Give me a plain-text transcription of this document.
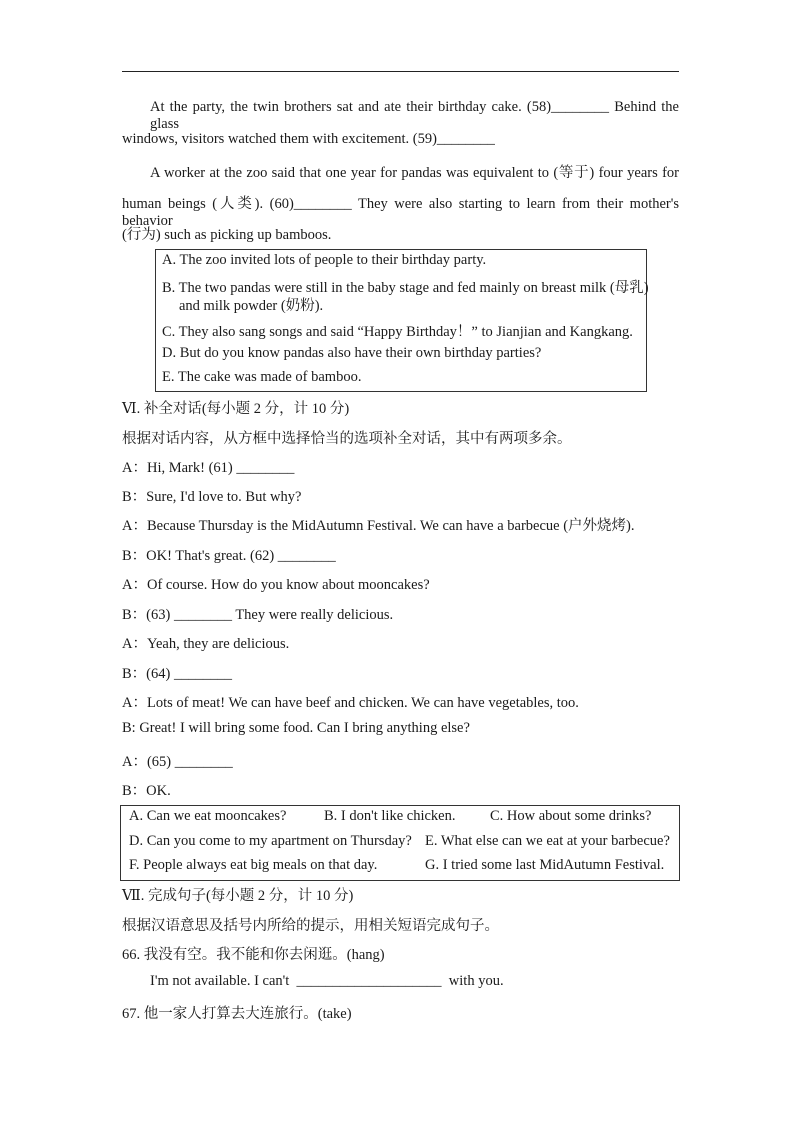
At the party, the twin brothers sat and ate their birthday cake. (58)________ Behind the glass
windows, visitors watched them with excitement. (59)________
A worker at the zoo said that one year for pandas was equivalent to (等于) four years for
human beings (人类). (60)________ They were also starting to learn from their mother's behavior
(行为) such as picking up bamboos.
A. The zoo invited lots of people to their birthday party.
B. The two pandas were still in the baby stage and fed mainly on breast milk (母乳)
and milk powder (奶粉).
C. They also sang songs and said “Happy Birthday！” to Jianjian and Kangkang.
D. But do you know pandas also have their own birthday parties?
E. The cake was made of bamboo.
Ⅵ. 补全对话(每小题 2 分，计 10 分)
根据对话内容，从方框中选择恰当的选项补全对话，其中有两项多余。
A：Hi, Mark! (61) ________
B：Sure, I'd love to. But why?
A：Because Thursday is the MidAutumn Festival. We can have a barbecue (户外烧烤).
B：OK! That's great. (62) ________
A：Of course. How do you know about mooncakes?
B：(63) ________ They were really delicious.
A：Yeah, they are delicious.
B：(64) ________
A：Lots of meat! We can have beef and chicken. We can have vegetables, too.
B: Great! I will bring some food. Can I bring anything else?
A：(65) ________
B：OK.
A. Can we eat mooncakes?	B. I don't like chicken. C. How about some drinks?
D. Can you come to my apartment on Thursday? E. What else can we eat at your barbecue?
F. People always eat big meals on that day.	G. I tried some last MidAutumn Festival.
Ⅶ. 完成句子(每小题 2 分，计 10 分)
根据汉语意思及括号内所给的提示，用相关短语完成句子。
66. 我没有空。我不能和你去闲逛。(hang)
I'm not available. I can't  ____________________  with you.
67. 他一家人打算去大连旅行。(take)
